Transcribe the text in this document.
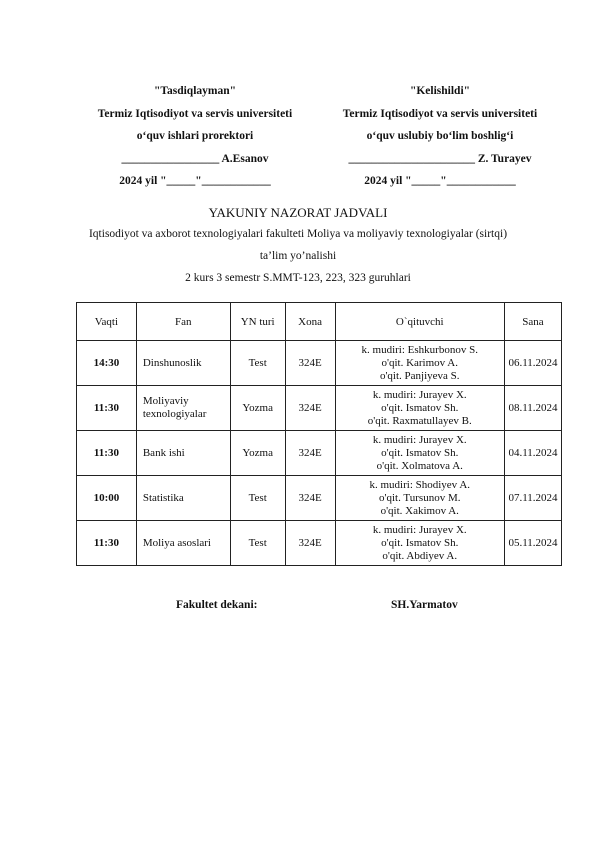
"Tasdiqlayman"
Termiz Iqtisodiyot va servis universiteti
o‘quv ishlari prorektori
_________________ A.Esanov
2024 yil "_____"____________
"Kelishildi"
Termiz Iqtisodiyot va servis universiteti
o‘quv uslubiy bo‘lim boshlig‘i
______________________ Z. Turayev
2024 yil "_____"____________
YAKUNIY NAZORAT JADVALI
Iqtisodiyot va axborot texnologiyalari fakulteti Moliya va moliyaviy texnologiyalar (sirtqi)
ta’lim yo’nalishi
2 kurs 3 semestr S.MMT-123, 223, 323 guruhlari
Vaqti	Fan	YN turi	Xona	O`qituvchi	Sana
14:30	Dinshunoslik	Test	324E	k. mudiri: Eshkurbonov S.
o'qit. Karimov A.
o'qit. Panjiyeva S.	06.11.2024
11:30	Moliyaviy texnologiyalar	Yozma	324E	k. mudiri: Jurayev X.
o'qit. Ismatov Sh.
o'qit. Raxmatullayev B.	08.11.2024
11:30	Bank ishi	Yozma	324E	k. mudiri: Jurayev X.
o'qit. Ismatov Sh.
o'qit. Xolmatova A.	04.11.2024
10:00	Statistika	Test	324E	k. mudiri: Shodiyev A.
o'qit. Tursunov M.
o'qit. Xakimov A.	07.11.2024
11:30	Moliya asoslari	Test	324E	k. mudiri: Jurayev X.
o'qit. Ismatov Sh.
o'qit. Abdiyev A.	05.11.2024
Fakultet dekani:	SH.Yarmatov
